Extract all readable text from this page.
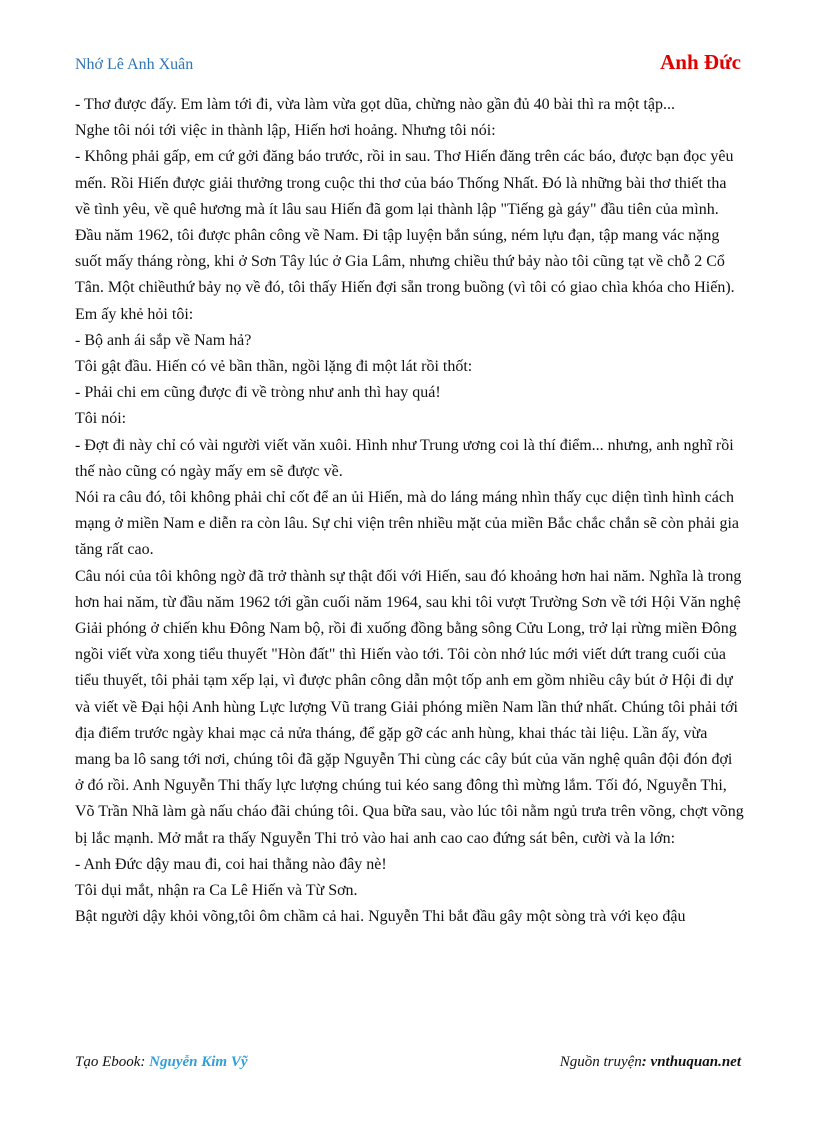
Nhớ Lê Anh Xuân	Anh Đức

- Thơ được đấy. Em làm tới đi, vừa làm vừa gọt dũa, chừng nào gần đủ 40 bài thì ra một tập...

Nghe tôi nói tới việc in thành lập, Hiến hơi hoảng. Nhưng tôi nói:

- Không phải gấp, em cứ gởi đăng báo trước, rồi in sau. Thơ Hiến đăng trên các báo, được bạn đọc yêu mến. Rồi Hiến được giải thưởng trong cuộc thi thơ của báo Thống Nhất. Đó là những bài thơ thiết tha về tình yêu, về quê hương mà ít lâu sau Hiến đã gom lại thành lập "Tiếng gà gáy" đầu tiên của mình.

Đầu năm 1962, tôi được phân công về Nam. Đi tập luyện bắn súng, ném lựu đạn, tập mang vác nặng suốt mấy tháng ròng, khi ở Sơn Tây lúc ở Gia Lâm, nhưng chiều thứ bảy nào tôi cũng tạt về chỗ 2 Cổ Tân. Một chiềuthứ bảy nọ về đó, tôi thấy Hiến đợi sẵn trong buồng (vì tôi có giao chìa khóa cho Hiến). Em ấy khẻ hỏi tôi:

- Bộ anh ái sắp về Nam hả?

Tôi gật đầu. Hiến có vẻ bần thần, ngồi lặng đi một lát rồi thốt:

- Phải chi em cũng được đi về tròng như anh thì hay quá!

Tôi nói:

- Đợt đi này chỉ có vài người viết văn xuôi. Hình như Trung ương coi là thí điểm... nhưng, anh nghĩ rồi thế nào cũng có ngày mấy em sẽ được về.

Nói ra câu đó, tôi không phải chỉ cốt để an ủi Hiến, mà do láng máng nhìn thấy cục diện tình hình cách mạng ở miền Nam e diễn ra còn lâu. Sự chi viện trên nhiều mặt của miền Bắc chắc chắn sẽ còn phải gia tăng rất cao.

Câu nói của tôi không ngờ đã trở thành sự thật đối với Hiến, sau đó khoảng hơn hai năm. Nghĩa là trong hơn hai năm, từ đầu năm 1962 tới gần cuối năm 1964, sau khi tôi vượt Trường Sơn về tới Hội Văn nghệ Giải phóng ở chiến khu Đông Nam bộ, rồi đi xuống đồng bằng sông Cửu Long, trở lại rừng miền Đông ngồi viết vừa xong tiểu thuyết "Hòn đất" thì Hiến vào tới. Tôi còn nhớ lúc mới viết dứt trang cuối của tiểu thuyết, tôi phải tạm xếp lại, vì được phân công dẫn một tốp anh em gồm nhiều cây bút ở Hội đi dự và viết về Đại hội Anh hùng Lực lượng Vũ trang Giải phóng miền Nam lần thứ nhất. Chúng tôi phải tới địa điểm trước ngày khai mạc cả nửa tháng, để gặp gỡ các anh hùng, khai thác tài liệu. Lần ấy, vừa mang ba lô sang tới nơi, chúng tôi đã gặp Nguyễn Thi cùng các cây bút của văn nghệ quân đội đón đợi ở đó rồi. Anh Nguyễn Thi thấy lực lượng chúng tui kéo sang đông thì mừng lắm. Tối đó, Nguyễn Thi, Võ Trần Nhã làm gà nấu cháo đãi chúng tôi. Qua bữa sau, vào lúc tôi nằm ngủ trưa trên võng, chợt võng bị lắc mạnh. Mở mắt ra thấy Nguyễn Thi trỏ vào hai anh cao cao đứng sát bên, cười và la lớn:

- Anh Đức dậy mau đi, coi hai thằng nào đây nè!

Tôi dụi mắt, nhận ra Ca Lê Hiến và Từ Sơn.

Bật người dậy khỏi võng,tôi ôm chầm cả hai. Nguyễn Thi bắt đầu gây một sòng trà với kẹo đậu

Tạo Ebook: Nguyễn Kim Vỹ	Nguồn truyện: vnthuquan.net
